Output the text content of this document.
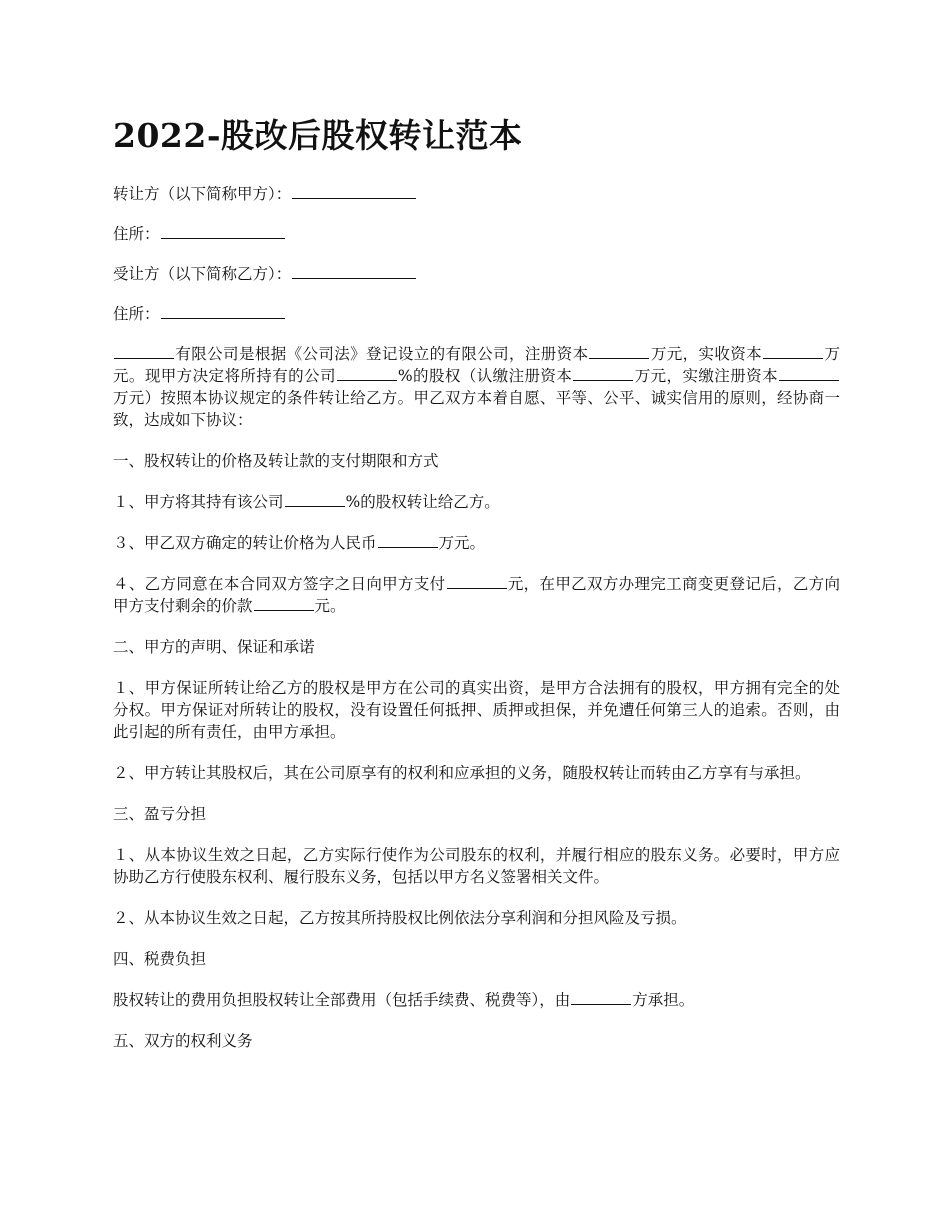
2022-股改后股权转让范本

转让方（以下简称甲方）：

住所：

受让方（以下简称乙方）：

住所：

有限公司是根据《公司法》登记设立的有限公司，注册资本	万元，实收资本	万元。现甲方决定将所持有的公司	%的股权（认缴注册资本	万元，实缴注册资本万元）按照本协议规定的条件转让给乙方。甲乙双方本着自愿、平等、公平、诚实信用的原则，经协商一致，达成如下协议：

一、股权转让的价格及转让款的支付期限和方式

１、甲方将其持有该公司	%的股权转让给乙方。

３、甲乙双方确定的转让价格为人民币	万元。

４、乙方同意在本合同双方签字之日向甲方支付	元，在甲乙双方办理完工商变更登记后，乙方向甲方支付剩余的价款	元。

二、甲方的声明、保证和承诺

１、甲方保证所转让给乙方的股权是甲方在公司的真实出资，是甲方合法拥有的股权，甲方拥有完全的处分权。甲方保证对所转让的股权，没有设置任何抵押、质押或担保，并免遭任何第三人的追索。否则，由此引起的所有责任，由甲方承担。

２、甲方转让其股权后，其在公司原享有的权利和应承担的义务，随股权转让而转由乙方享有与承担。

三、盈亏分担

１、从本协议生效之日起，乙方实际行使作为公司股东的权利，并履行相应的股东义务。必要时，甲方应协助乙方行使股东权利、履行股东义务，包括以甲方名义签署相关文件。

２、从本协议生效之日起，乙方按其所持股权比例依法分享利润和分担风险及亏损。

四、税费负担

股权转让的费用负担股权转让全部费用（包括手续费、税费等），由	方承担。

五、双方的权利义务
